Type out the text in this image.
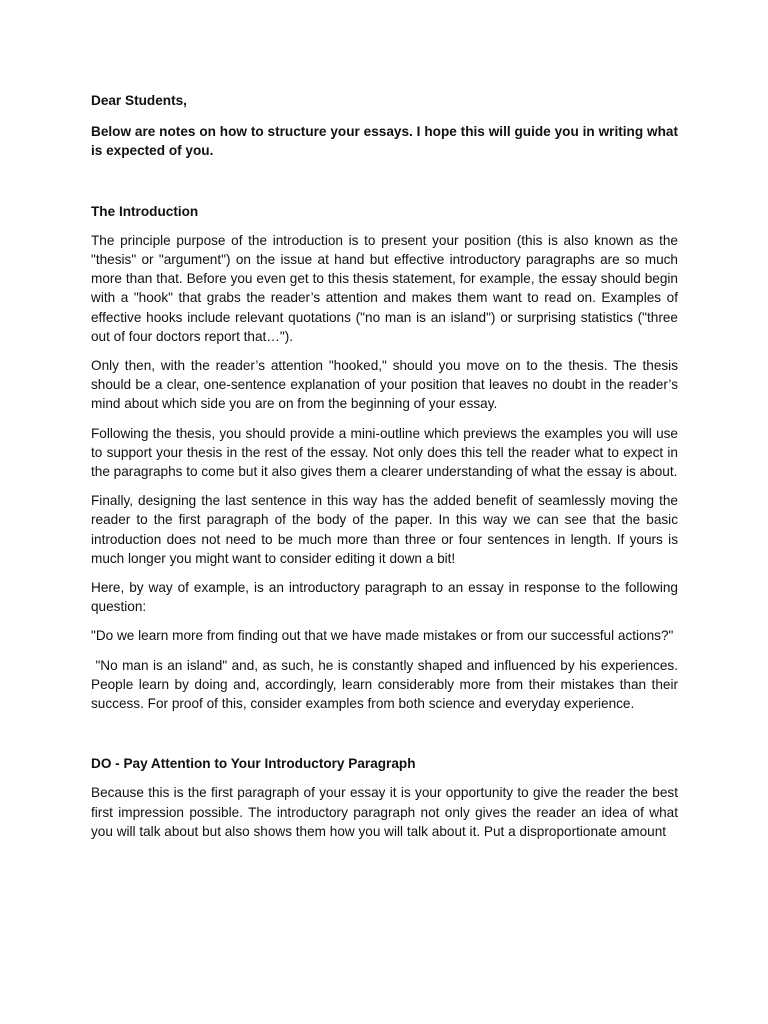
Dear Students,

Below are notes on how to structure your essays. I hope this will guide you in writing what is expected of you.

The Introduction

The principle purpose of the introduction is to present your position (this is also known as the "thesis" or "argument") on the issue at hand but effective introductory paragraphs are so much more than that. Before you even get to this thesis statement, for example, the essay should begin with a "hook" that grabs the reader’s attention and makes them want to read on. Examples of effective hooks include relevant quotations ("no man is an island") or surprising statistics ("three out of four doctors report that…").

Only then, with the reader’s attention "hooked," should you move on to the thesis. The thesis should be a clear, one-sentence explanation of your position that leaves no doubt in the reader’s mind about which side you are on from the beginning of your essay.

Following the thesis, you should provide a mini-outline which previews the examples you will use to support your thesis in the rest of the essay. Not only does this tell the reader what to expect in the paragraphs to come but it also gives them a clearer understanding of what the essay is about.

Finally, designing the last sentence in this way has the added benefit of seamlessly moving the reader to the first paragraph of the body of the paper. In this way we can see that the basic introduction does not need to be much more than three or four sentences in length. If yours is much longer you might want to consider editing it down a bit!

Here, by way of example, is an introductory paragraph to an essay in response to the following question:

"Do we learn more from finding out that we have made mistakes or from our successful actions?"

"No man is an island" and, as such, he is constantly shaped and influenced by his experiences. People learn by doing and, accordingly, learn considerably more from their mistakes than their success. For proof of this, consider examples from both science and everyday experience.

DO - Pay Attention to Your Introductory Paragraph

Because this is the first paragraph of your essay it is your opportunity to give the reader the best first impression possible. The introductory paragraph not only gives the reader an idea of what you will talk about but also shows them how you will talk about it. Put a disproportionate amount
